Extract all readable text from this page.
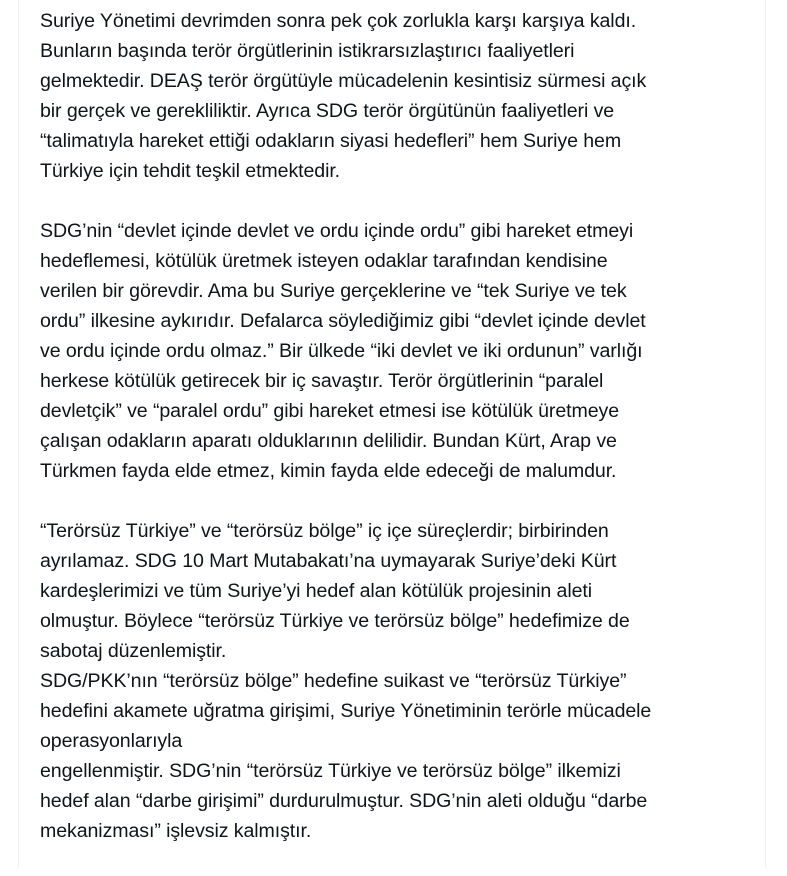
Suriye Yönetimi devrimden sonra pek çok zorlukla karşı karşıya kaldı.
Bunların başında terör örgütlerinin istikrarsızlaştırıcı faaliyetleri
gelmektedir. DEAŞ terör örgütüyle mücadelenin kesintisiz sürmesi açık
bir gerçek ve gerekliliktir. Ayrıca SDG terör örgütünün faaliyetleri ve
“talimatıyla hareket ettiği odakların siyasi hedefleri” hem Suriye hem
Türkiye için tehdit teşkil etmektedir.

SDG’nin “devlet içinde devlet ve ordu içinde ordu” gibi hareket etmeyi
hedeflemesi, kötülük üretmek isteyen odaklar tarafından kendisine
verilen bir görevdir. Ama bu Suriye gerçeklerine ve “tek Suriye ve tek
ordu” ilkesine aykırıdır. Defalarca söylediğimiz gibi “devlet içinde devlet
ve ordu içinde ordu olmaz.” Bir ülkede “iki devlet ve iki ordunun” varlığı
herkese kötülük getirecek bir iç savaştır. Terör örgütlerinin “paralel
devletçik” ve “paralel ordu” gibi hareket etmesi ise kötülük üretmeye
çalışan odakların aparatı olduklarının delilidir. Bundan Kürt, Arap ve
Türkmen fayda elde etmez, kimin fayda elde edeceği de malumdur.

“Terörsüz Türkiye” ve “terörsüz bölge” iç içe süreçlerdir; birbirinden
ayrılamaz. SDG 10 Mart Mutabakatı’na uymayarak Suriye’deki Kürt
kardeşlerimizi ve tüm Suriye’yi hedef alan kötülük projesinin aleti
olmuştur. Böylece “terörsüz Türkiye ve terörsüz bölge” hedefimize de
sabotaj düzenlemiştir.
SDG/PKK’nın “terörsüz bölge” hedefine suikast ve “terörsüz Türkiye”
hedefini akamete uğratma girişimi, Suriye Yönetiminin terörle mücadele
operasyonlarıyla
engellenmiştir. SDG’nin “terörsüz Türkiye ve terörsüz bölge” ilkemizi
hedef alan “darbe girişimi” durdurulmuştur. SDG’nin aleti olduğu “darbe
mekanizması” işlevsiz kalmıştır.
